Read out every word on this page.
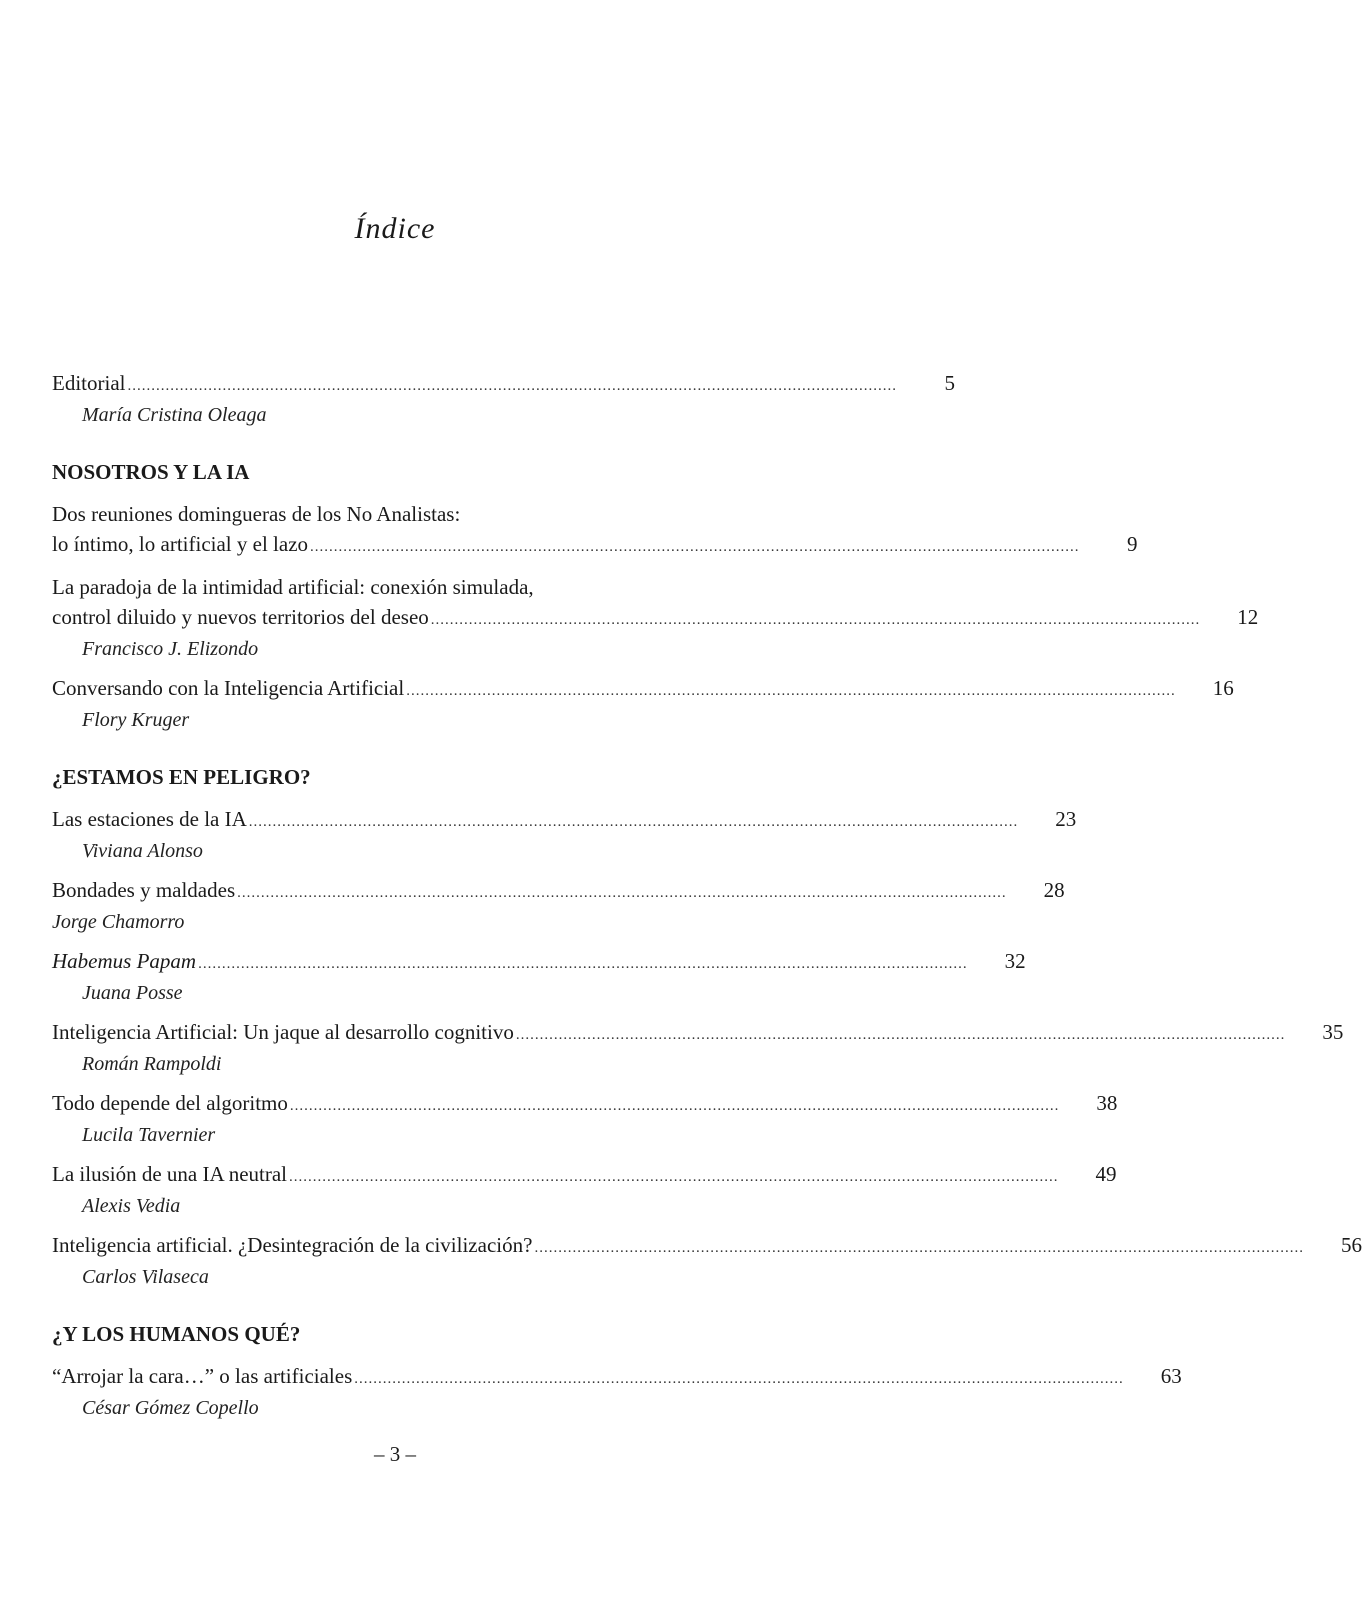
Índice
Editorial ..................................................................................................................................................................	5
María Cristina Oleaga
NOSOTROS Y LA IA
Dos reuniones domingueras de los No Analistas:
lo íntimo, lo artificial y el lazo ..................................................................................................................................................................	9
La paradoja de la intimidad artificial: conexión simulada,
control diluido y nuevos territorios del deseo ..................................................................................................................................................................	12
Francisco J. Elizondo
Conversando con la Inteligencia Artificial ..................................................................................................................................................................	16
Flory Kruger
¿ESTAMOS EN PELIGRO?
Las estaciones de la IA ..................................................................................................................................................................	23
Viviana Alonso
Bondades y maldades ..................................................................................................................................................................	28
Jorge Chamorro
Habemus Papam ..................................................................................................................................................................	32
Juana Posse
Inteligencia Artificial: Un jaque al desarrollo cognitivo ..................................................................................................................................................................	35
Román Rampoldi
Todo depende del algoritmo ..................................................................................................................................................................	38
Lucila Tavernier
La ilusión de una IA neutral ..................................................................................................................................................................	49
Alexis Vedia
Inteligencia artificial. ¿Desintegración de la civilización? ..................................................................................................................................................................	56
Carlos Vilaseca
¿Y LOS HUMANOS QUÉ?
“Arrojar la cara…” o las artificiales ..................................................................................................................................................................	63
César Gómez Copello
– 3 –
